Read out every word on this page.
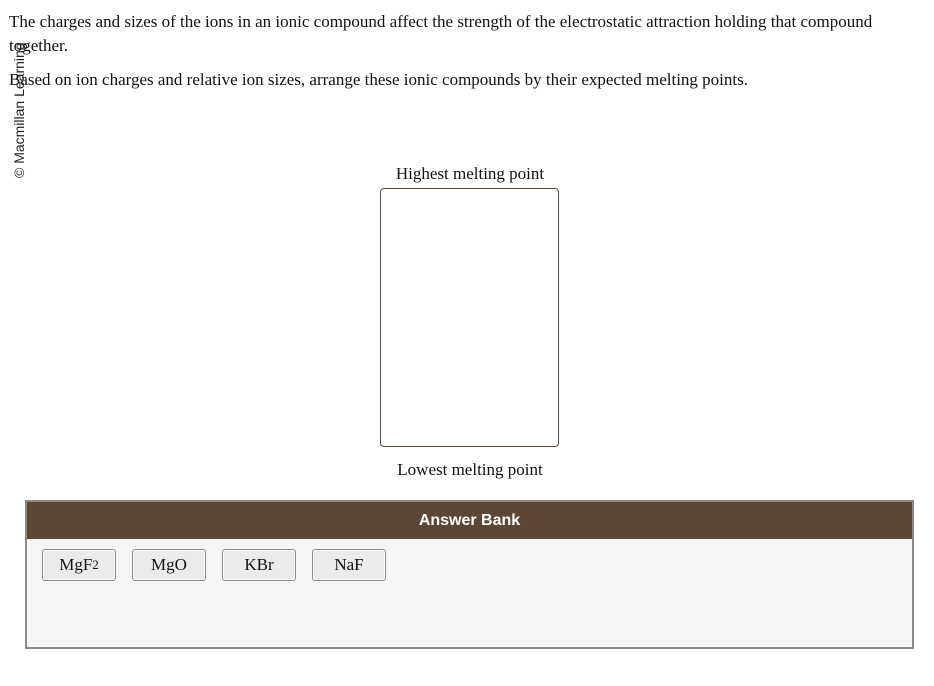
© Macmillan Learning

The charges and sizes of the ions in an ionic compound affect the strength of the electrostatic attraction holding that compound together.

Based on ion charges and relative ion sizes, arrange these ionic compounds by their expected melting points.

Highest melting point
Lowest melting point
Answer Bank
MgF 2	MgO	KBr	NaF
